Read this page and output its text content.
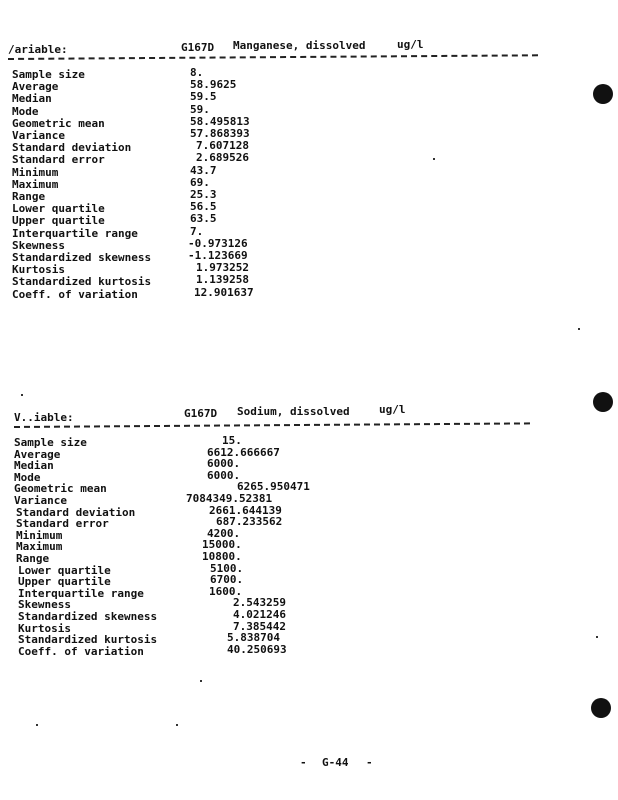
/ariable:	G167D Manganese, dissolved	ug/l
Sample size	8.
Average	58.9625
Median	59.5
Mode	59.
Geometric mean	58.495813
Variance	57.868393
Standard deviation	7.607128
Standard error	2.689526
Minimum	43.7
Maximum	69.
Range	25.3
Lower quartile	56.5
Upper quartile	63.5
Interquartile range	7.
Skewness	-0.973126
Standardized skewness	-1.123669
Kurtosis	1.973252
Standardized kurtosis	1.139258
Coeff. of variation	12.901637
V..iable:	G167D Sodium, dissolved	ug/l
Sample size	15.
Average	6612.666667
Median	6000.
Mode	6000.
Geometric mean	6265.950471
Variance	7084349.52381
Standard deviation	2661.644139
Standard error	687.233562
Minimum	4200.
Maximum	15000.
Range	10800.
Lower quartile	5100.
Upper quartile	6700.
Interquartile range	1600.
Skewness	2.543259
Standardized skewness	4.021246
Kurtosis	7.385442
Standardized kurtosis	5.838704
Coeff. of variation	40.250693
- G-44 -
